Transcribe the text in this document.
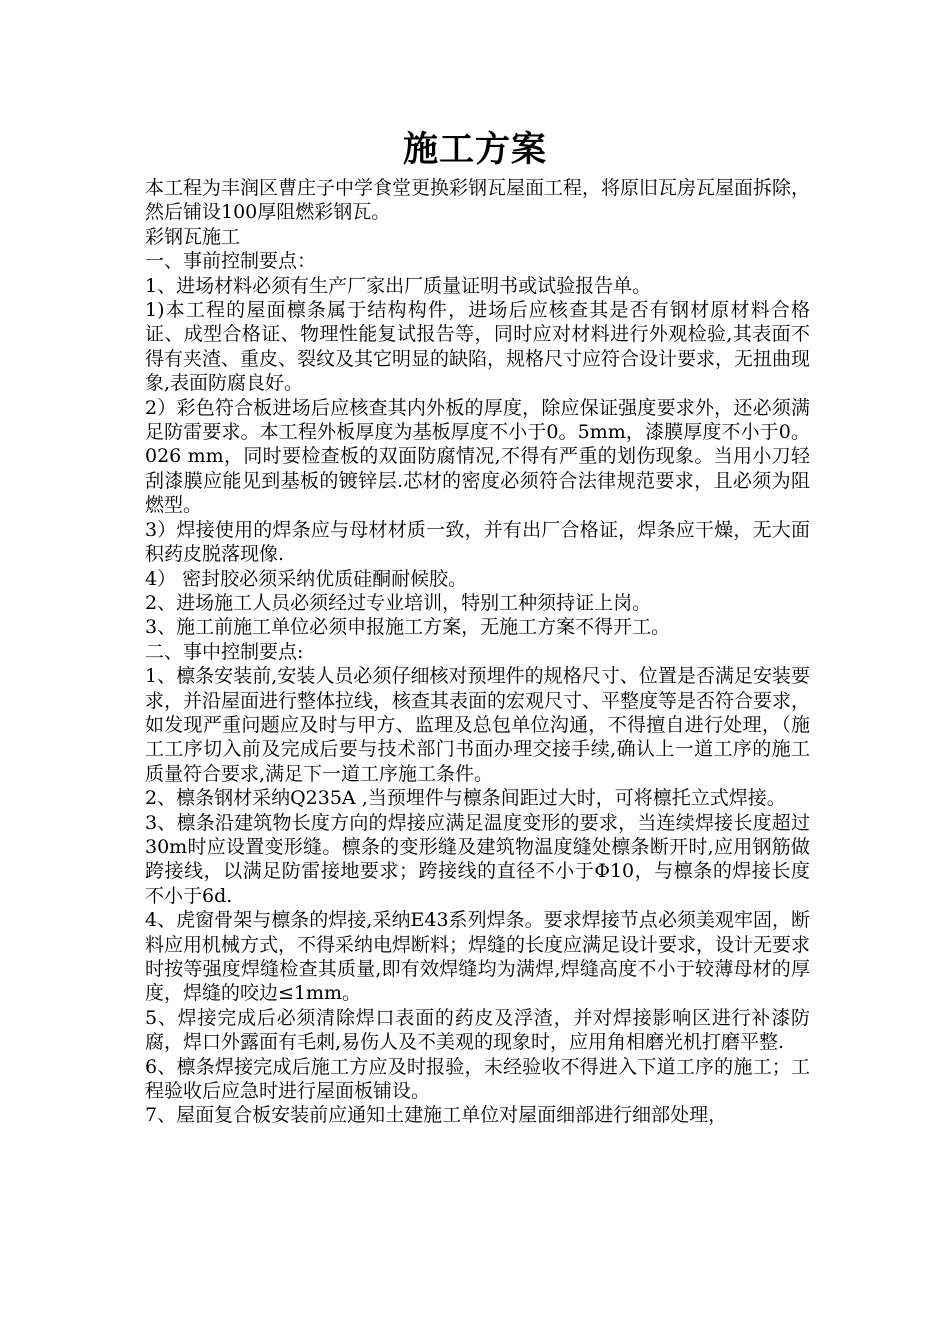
施工方案

本工程为丰润区曹庄子中学食堂更换彩钢瓦屋面工程，将原旧瓦房瓦屋面拆除，然后铺设100厚阻燃彩钢瓦。

彩钢瓦施工

一、事前控制要点：

1、进场材料必须有生产厂家出厂质量证明书或试验报告单。

1)本工程的屋面檩条属于结构构件，进场后应核查其是否有钢材原材料合格证、成型合格证、物理性能复试报告等，同时应对材料进行外观检验,其表面不得有夹渣、重皮、裂纹及其它明显的缺陷，规格尺寸应符合设计要求，无扭曲现象,表面防腐良好。

2）彩色符合板进场后应核查其内外板的厚度，除应保证强度要求外，还必须满足防雷要求。本工程外板厚度为基板厚度不小于0。5mm，漆膜厚度不小于0。026 mm，同时要检查板的双面防腐情况,不得有严重的划伤现象。当用小刀轻刮漆膜应能见到基板的镀锌层.芯材的密度必须符合法律规范要求，且必须为阻燃型。

3）焊接使用的焊条应与母材材质一致，并有出厂合格证，焊条应干燥，无大面积药皮脱落现像.

4） 密封胶必须采纳优质硅酮耐候胶。

2、进场施工人员必须经过专业培训，特别工种须持证上岗。

3、施工前施工单位必须申报施工方案，无施工方案不得开工。

二、事中控制要点:

1、檩条安装前,安装人员必须仔细核对预埋件的规格尺寸、位置是否满足安装要求，并沿屋面进行整体拉线，核查其表面的宏观尺寸、平整度等是否符合要求，如发现严重问题应及时与甲方、监理及总包单位沟通，不得擅自进行处理，（施工工序切入前及完成后要与技术部门书面办理交接手续,确认上一道工序的施工质量符合要求,满足下一道工序施工条件。

2、檩条钢材采纳Q235A ,当预埋件与檩条间距过大时，可将檩托立式焊接。

3、檩条沿建筑物长度方向的焊接应满足温度变形的要求，当连续焊接长度超过30m时应设置变形缝。檩条的变形缝及建筑物温度缝处檩条断开时,应用钢筋做跨接线，以满足防雷接地要求；跨接线的直径不小于Φ10，与檩条的焊接长度不小于6d.

4、虎窗骨架与檩条的焊接,采纳E43系列焊条。要求焊接节点必须美观牢固，断料应用机械方式，不得采纳电焊断料；焊缝的长度应满足设计要求，设计无要求时按等强度焊缝检查其质量,即有效焊缝均为满焊,焊缝高度不小于较薄母材的厚度，焊缝的咬边≤1mm。

5、焊接完成后必须清除焊口表面的药皮及浮渣，并对焊接影响区进行补漆防腐，焊口外露面有毛刺,易伤人及不美观的现象时，应用角相磨光机打磨平整.

6、檩条焊接完成后施工方应及时报验，未经验收不得进入下道工序的施工；工程验收后应急时进行屋面板铺设。

7、屋面复合板安装前应通知土建施工单位对屋面细部进行细部处理，
